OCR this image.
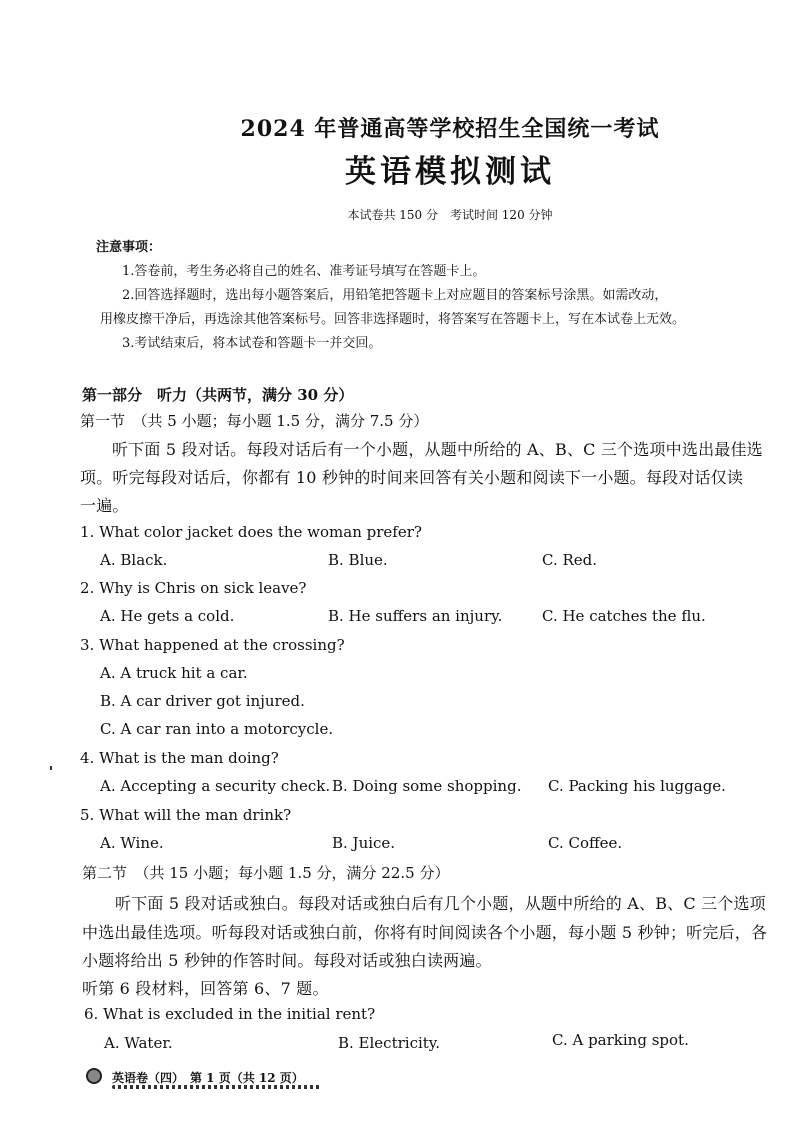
2024 年普通高等学校招生全国统一考试
英语模拟测试
本试卷共 150 分　考试时间 120 分钟
注意事项：
1.答卷前，考生务必将自己的姓名、准考证号填写在答题卡上。
2.回答选择题时，选出每小题答案后，用铅笔把答题卡上对应题目的答案标号涂黑。如需改动，
用橡皮擦干净后，再选涂其他答案标号。回答非选择题时，将答案写在答题卡上，写在本试卷上无效。
3.考试结束后，将本试卷和答题卡一并交回。
第一部分　听力（共两节，满分 30 分）
第一节　（共 5 小题；每小题 1.5 分，满分 7.5 分）
听下面 5 段对话。每段对话后有一个小题，从题中所给的 A、B、C 三个选项中选出最佳选
项。听完每段对话后，你都有 10 秒钟的时间来回答有关小题和阅读下一小题。每段对话仅读
一遍。
1. What color jacket does the woman prefer?
A. Black.	B. Blue.	C. Red.
2. Why is Chris on sick leave?
A. He gets a cold.	B. He suffers an injury.	C. He catches the flu.
3. What happened at the crossing?
A. A truck hit a car.
B. A car driver got injured.
C. A car ran into a motorcycle.
4. What is the man doing?
A. Accepting a security check. B. Doing some shopping. C. Packing his luggage.
5. What will the man drink?
A. Wine.	B. Juice.	C. Coffee.
第二节　（共 15 小题；每小题 1.5 分，满分 22.5 分）
听下面 5 段对话或独白。每段对话或独白后有几个小题，从题中所给的 A、B、C 三个选项
中选出最佳选项。听每段对话或独白前，你将有时间阅读各个小题，每小题 5 秒钟；听完后，各
小题将给出 5 秒钟的作答时间。每段对话或独白读两遍。
听第 6 段材料，回答第 6、7 题。
6. What is excluded in the initial rent?
A. Water.	B. Electricity.	C. A parking spot.
英语卷（四）　第 1 页（共 12 页）
